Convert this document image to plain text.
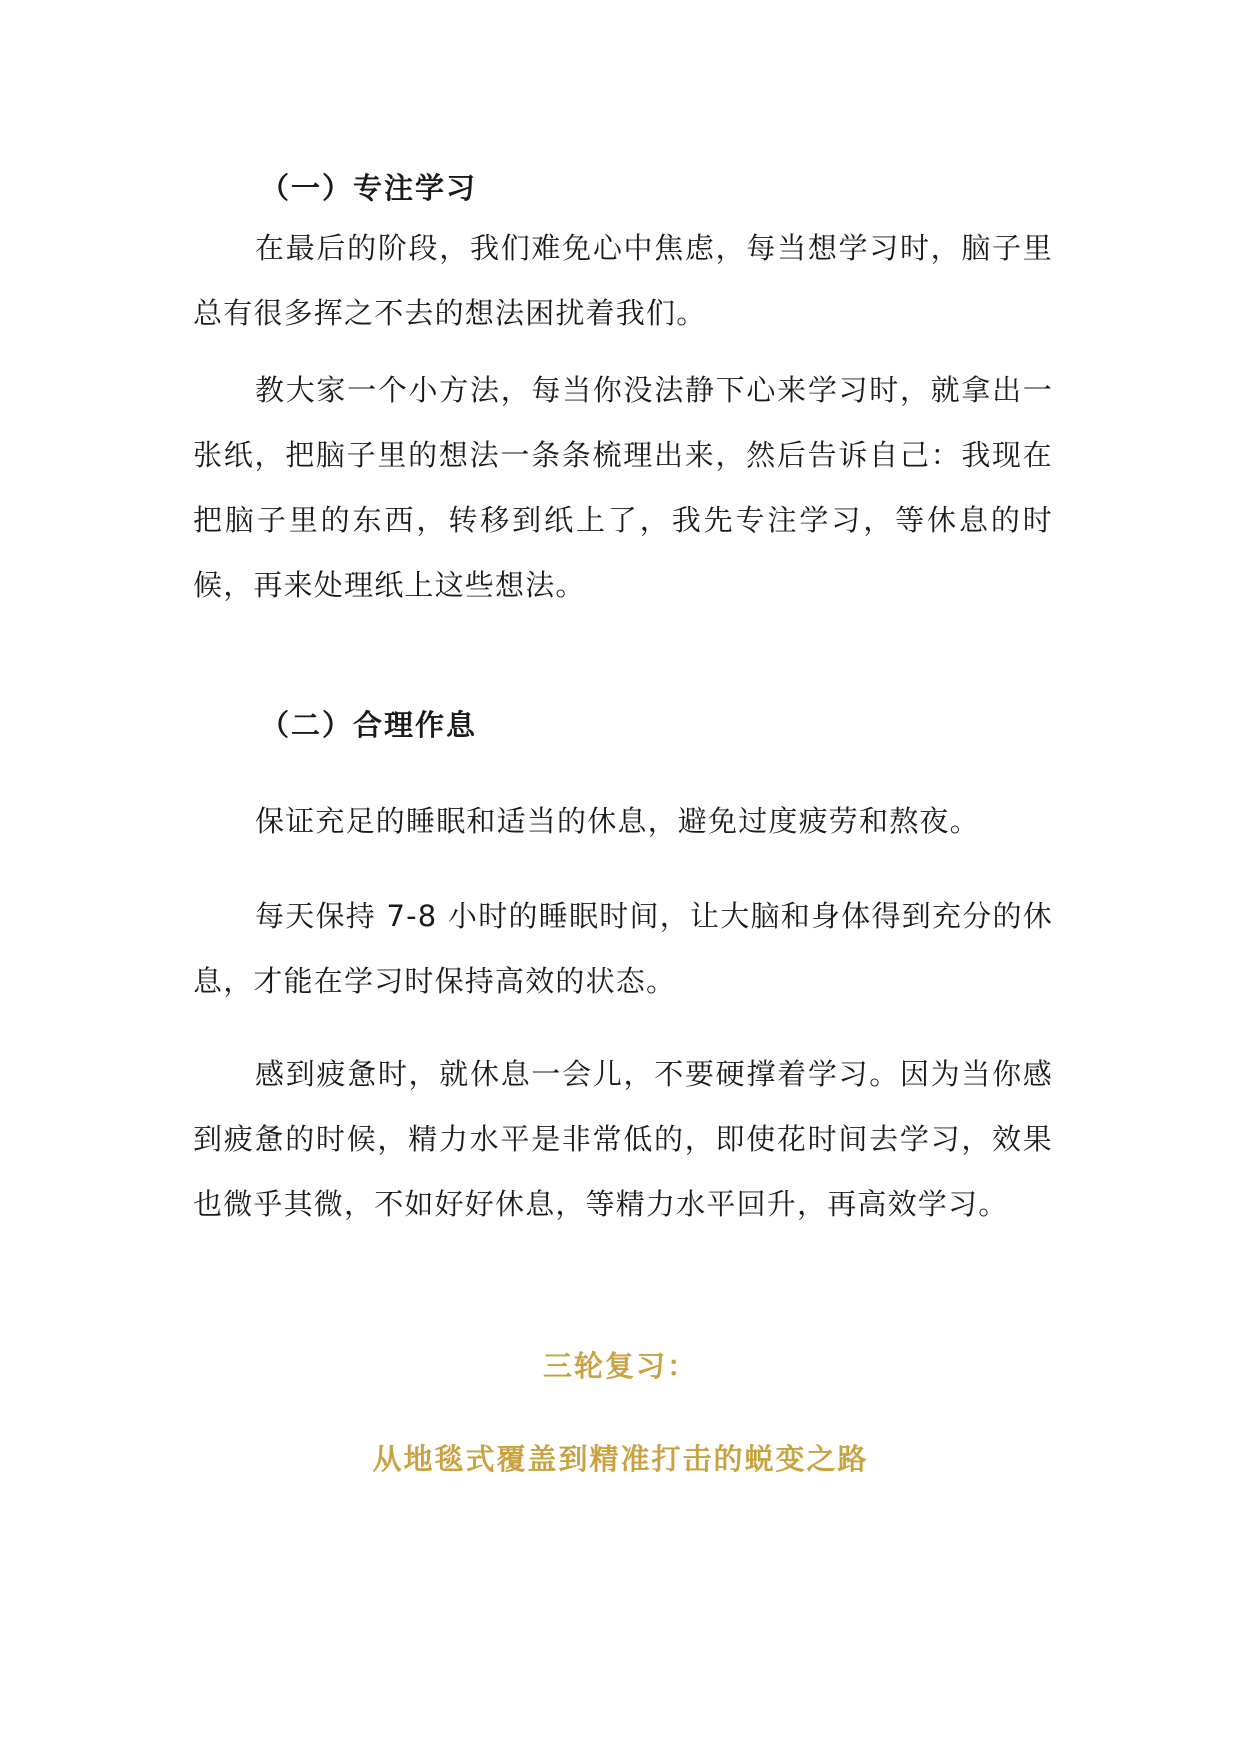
（一）专注学习
在最后的阶段，我们难免心中焦虑，每当想学习时，脑子里总有很多挥之不去的想法困扰着我们。
教大家一个小方法，每当你没法静下心来学习时，就拿出一张纸，把脑子里的想法一条条梳理出来，然后告诉自己：我现在把脑子里的东西，转移到纸上了，我先专注学习，等休息的时候，再来处理纸上这些想法。
（二）合理作息
保证充足的睡眠和适当的休息，避免过度疲劳和熬夜。
每天保持 7-8 小时的睡眠时间，让大脑和身体得到充分的休息，才能在学习时保持高效的状态。
感到疲惫时，就休息一会儿，不要硬撑着学习。因为当你感到疲惫的时候，精力水平是非常低的，即使花时间去学习，效果也微乎其微，不如好好休息，等精力水平回升，再高效学习。
三轮复习：
从地毯式覆盖到精准打击的蜕变之路
